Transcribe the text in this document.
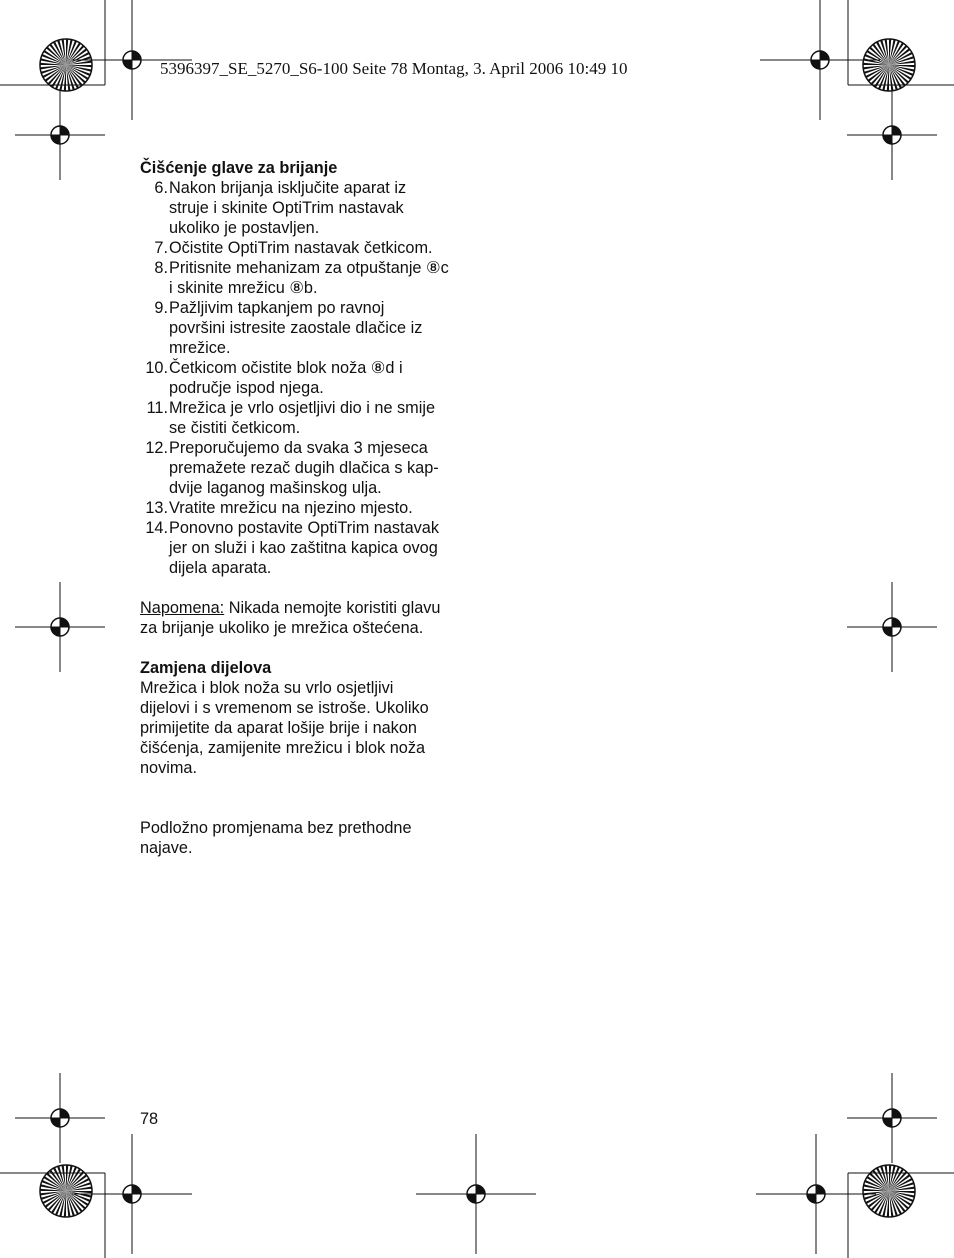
5396397_SE_5270_S6-100 Seite 78 Montag, 3. April 2006 10:49 10

Čišćenje glave za brijanje

6. Nakon brijanja isključite aparat iz
struje i skinite OptiTrim nastavak
ukoliko je postavljen.
7. Očistite OptiTrim nastavak četkicom.
8. Pritisnite mehanizam za otpuštanje ⑧c
i skinite mrežicu ⑧b.
9. Pažljivim tapkanjem po ravnoj
površini istresite zaostale dlačice iz
mrežice.
10. Četkicom očistite blok noža ⑧d i
područje ispod njega.
11. Mrežica je vrlo osjetljivi dio i ne smije
se čistiti četkicom.
12. Preporučujemo da svaka 3 mjeseca
premažete rezač dugih dlačica s kap-
dvije laganog mašinskog ulja.
13. Vratite mrežicu na njezino mjesto.
14. Ponovno postavite OptiTrim nastavak
jer on služi i kao zaštitna kapica ovog
dijela aparata.
Napomena: Nikada nemojte koristiti glavu
za brijanje ukoliko je mrežica oštećena.

Zamjena dijelova

Mrežica i blok noža su vrlo osjetljivi
dijelovi i s vremenom se istroše. Ukoliko
primijetite da aparat lošije brije i nakon
čišćenja, zamijenite mrežicu i blok noža
novima.

Podložno promjenama bez prethodne
najave.
78
